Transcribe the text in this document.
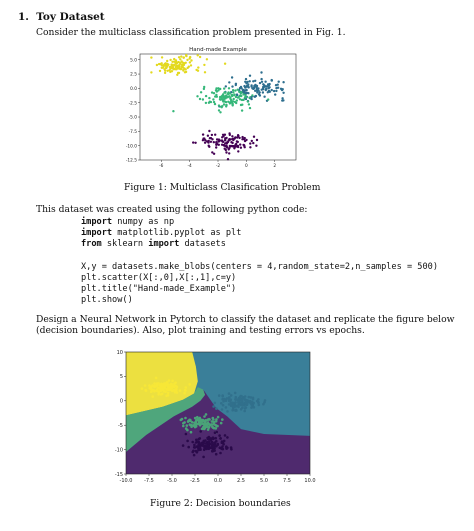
1. Toy Dataset
Consider the multiclass classification problem presented in Fig. 1.
Hand-made Example
5.0
2.5
0.0
-2.5
-5.0
-7.5
-10.0
-12.5
-6	-4	-2	0	2
Figure 1: Multiclass Clasification Problem
This dataset was created using the following python code:
import numpy as np
import matplotlib.pyplot as plt
from sklearn import datasets
X,y = datasets.make_blobs(centers = 4,random_state=2,n_samples = 500)
plt.scatter(X[:,0],X[:,1],c=y)
plt.title("Hand-made_Example")
plt.show()
Design a Neural Network in Pytorch to classify the dataset and replicate the figure below
(decision boundaries). Also, plot training and testing errors vs epochs.
10
5
0
-5
-10
-15
-10.0 -7.5	-5.0	-2.5	0.0	2.5	5.0	7.5	10.0
Figure 2: Decision boundaries
